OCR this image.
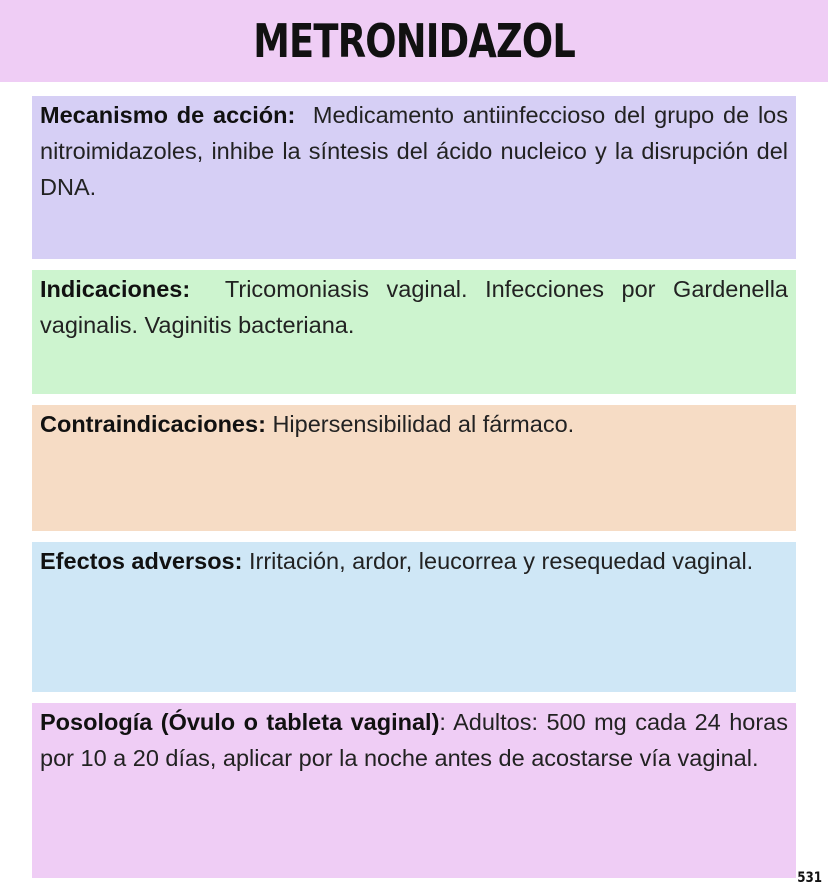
METRONIDAZOL

Mecanismo de acción: Medicamento antiinfeccioso del grupo de los nitroimidazoles, inhibe la síntesis del ácido nucleico y la disrupción del DNA.

Indicaciones: Tricomoniasis vaginal. Infecciones por Gardenella vaginalis. Vaginitis bacteriana.

Contraindicaciones: Hipersensibilidad al fármaco.

Efectos adversos: Irritación, ardor, leucorrea y resequedad vaginal.

Posología (Óvulo o tableta vaginal): Adultos: 500 mg cada 24 horas por 10 a 20 días, aplicar por la noche antes de acostarse vía vaginal.

531
